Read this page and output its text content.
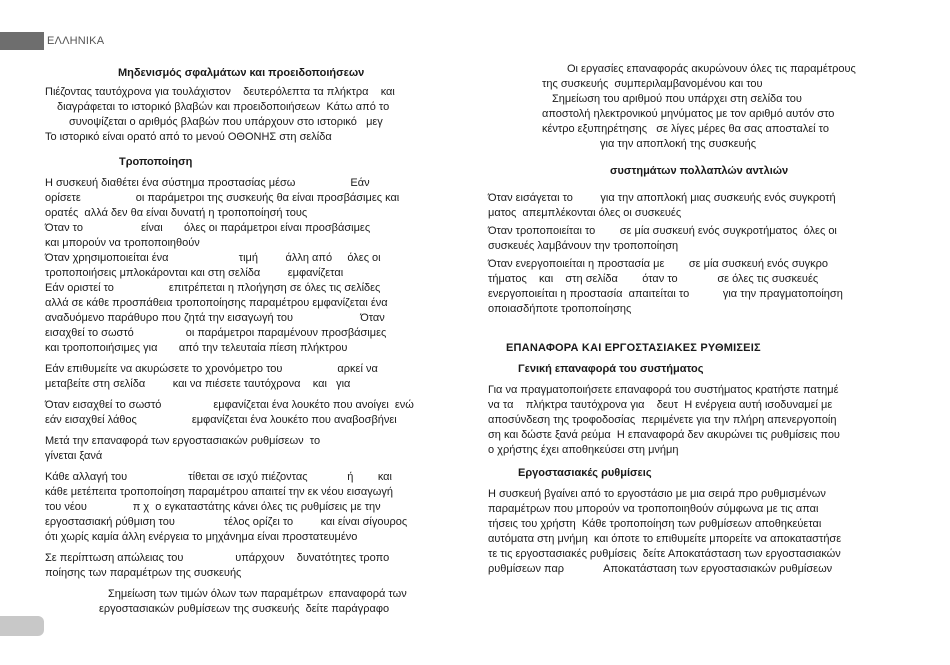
ΕΛΛΗΝΙΚΑ
Μηδενισμός σφαλμάτων και προειδοποιήσεων
Πιέζοντας ταυτόχρονα για τουλάχιστον    δευτερόλεπτα τα πλήκτρα    και
διαγράφεται το ιστορικό βλαβών και προειδοποιήσεων  Κάτω από το
συνοψίζεται ο αριθμός βλαβών που υπάρχουν στο ιστορικό   μεγ
Το ιστορικό είναι ορατό από το μενού ΟΘΟΝΗΣ στη σελίδα
Τροποποίηση
Η συσκευή διαθέτει ένα σύστημα προστασίας μέσω                  Εάν
ορίσετε                  οι παράμετροι της συσκευής θα είναι προσβάσιμες και
ορατές  αλλά δεν θα είναι δυνατή η τροποποίησή τους
Όταν το                   είναι       όλες οι παράμετροι είναι προσβάσιμες
και μπορούν να τροποποιηθούν
Όταν χρησιμοποιείται ένα                       τιμή         άλλη από     όλες οι
τροποποιήσεις μπλοκάρονται και στη σελίδα         εμφανίζεται
Εάν οριστεί το                  επιτρέπεται η πλοήγηση σε όλες τις σελίδες
αλλά σε κάθε προσπάθεια τροποποίησης παραμέτρου εμφανίζεται ένα
αναδυόμενο παράθυρο που ζητά την εισαγωγή του                      Όταν
εισαχθεί το σωστό                 οι παράμετροι παραμένουν προσβάσιμες
και τροποποιήσιμες για       από την τελευταία πίεση πλήκτρου
Εάν επιθυμείτε να ακυρώσετε το χρονόμετρο του                  αρκεί να
μεταβείτε στη σελίδα         και να πιέσετε ταυτόχρονα    και   για
Όταν εισαχθεί το σωστό                 εμφανίζεται ένα λουκέτο που ανοίγει  ενώ
εάν εισαχθεί λάθος                  εμφανίζεται ένα λουκέτο που αναβοσβήνει
Μετά την επαναφορά των εργοστασιακών ρυθμίσεων  το
γίνεται ξανά
Κάθε αλλαγή του                    τίθεται σε ισχύ πιέζοντας             ή        και
κάθε μετέπειτα τροποποίηση παραμέτρου απαιτεί την εκ νέου εισαγωγή
του νέου               π χ  ο εγκαταστάτης κάνει όλες τις ρυθμίσεις με την
εργοστασιακή ρύθμιση του                τέλος ορίζει το         και είναι σίγουρος
ότι χωρίς καμία άλλη ενέργεια το μηχάνημα είναι προστατευμένο
Σε περίπτωση απώλειας του                 υπάρχουν    δυνατότητες τροπο
ποίησης των παραμέτρων της συσκευής
Σημείωση των τιμών όλων των παραμέτρων  επαναφορά των
εργοστασιακών ρυθμίσεων της συσκευής  δείτε παράγραφο
Οι εργασίες επαναφοράς ακυρώνουν όλες τις παραμέτρους
της συσκευής  συμπεριλαμβανομένου και του
Σημείωση του αριθμού που υπάρχει στη σελίδα του
αποστολή ηλεκτρονικού μηνύματος με τον αριθμό αυτόν στο
κέντρο εξυπηρέτησης   σε λίγες μέρες θα σας αποσταλεί το
για την αποπλοκή της συσκευής
συστημάτων πολλαπλών αντλιών
Όταν εισάγεται το         για την αποπλοκή μιας συσκευής ενός συγκροτή
ματος  απεμπλέκονται όλες οι συσκευές
Όταν τροποποιείται το        σε μία συσκευή ενός συγκροτήματος  όλες οι
συσκευές λαμβάνουν την τροποποίηση
Όταν ενεργοποιείται η προστασία με        σε μία συσκευή ενός συγκρο
τήματος    και    στη σελίδα        όταν το             σε όλες τις συσκευές
ενεργοποιείται η προστασία  απαιτείται το           για την πραγματοποίηση
οποιασδήποτε τροποποίησης
ΕΠΑΝΑΦΟΡΑ ΚΑΙ ΕΡΓΟΣΤΑΣΙΑΚΕΣ ΡΥΘΜΙΣΕΙΣ
Γενική επαναφορά του συστήματος
Για να πραγματοποιήσετε επαναφορά του συστήματος κρατήστε πατημέ
να τα    πλήκτρα ταυτόχρονα για    δευτ  Η ενέργεια αυτή ισοδυναμεί με
αποσύνδεση της τροφοδοσίας  περιμένετε για την πλήρη απενεργοποίη
ση και δώστε ξανά ρεύμα  Η επαναφορά δεν ακυρώνει τις ρυθμίσεις που
ο χρήστης έχει αποθηκεύσει στη μνήμη
Εργοστασιακές ρυθμίσεις
Η συσκευή βγαίνει από το εργοστάσιο με μια σειρά προ ρυθμισμένων
παραμέτρων που μπορούν να τροποποιηθούν σύμφωνα με τις απαι
τήσεις του χρήστη  Κάθε τροποποίηση των ρυθμίσεων αποθηκεύεται
αυτόματα στη μνήμη  και όποτε το επιθυμείτε μπορείτε να αποκαταστήσε
τε τις εργοστασιακές ρυθμίσεις  δείτε Αποκατάσταση των εργοστασιακών
ρυθμίσεων παρ             Αποκατάσταση των εργοστασιακών ρυθμίσεων
